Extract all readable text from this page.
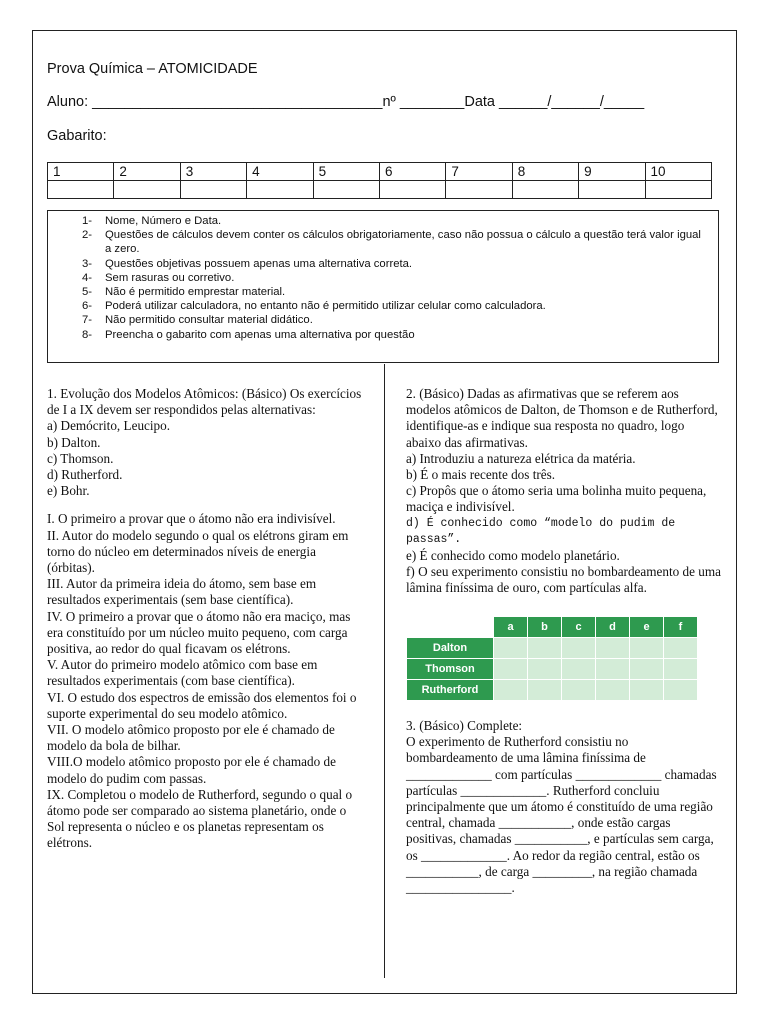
Prova Química – ATOMICIDADE
Aluno: ____________________________________nº ________Data ______/______/_____
Gabarito:
1	2	3	4	5	6	7	8	9	10

1- Nome, Número e Data.
2- Questões de cálculos devem conter os cálculos obrigatoriamente, caso não possua o cálculo a questão terá valor igual a zero.
3- Questões objetivas possuem apenas uma alternativa correta.
4- Sem rasuras ou corretivo.
5- Não é permitido emprestar material.
6- Poderá utilizar calculadora, no entanto não é permitido utilizar celular como calculadora.
7- Não permitido consultar material didático.
8- Preencha o gabarito com apenas uma alternativa por questão

1. Evolução dos Modelos Atômicos: (Básico) Os exercícios de I a IX devem ser respondidos pelas alternativas:

a) Demócrito, Leucipo.

b) Dalton.

c) Thomson.

d) Rutherford.

e) Bohr.

I. O primeiro a provar que o átomo não era indivisível.

II. Autor do modelo segundo o qual os elétrons giram em torno do núcleo em determinados níveis de energia (órbitas).

III. Autor da primeira ideia do átomo, sem base em resultados experimentais (sem base científica).

IV. O primeiro a provar que o átomo não era maciço, mas era constituído por um núcleo muito pequeno, com carga positiva, ao redor do qual ficavam os elétrons.

V. Autor do primeiro modelo atômico com base em resultados experimentais (com base científica).

VI. O estudo dos espectros de emissão dos elementos foi o suporte experimental do seu modelo atômico.

VII. O modelo atômico proposto por ele é chamado de modelo da bola de bilhar.

VIII.O modelo atômico proposto por ele é chamado de modelo do pudim com passas.

IX. Completou o modelo de Rutherford, segundo o qual o átomo pode ser comparado ao sistema planetário, onde o Sol representa o núcleo e os planetas representam os elétrons.

2. (Básico) Dadas as afirmativas que se referem aos modelos atômicos de Dalton, de Thomson e de Rutherford, identifique-as e indique sua resposta no quadro, logo abaixo das afirmativas.

a) Introduziu a natureza elétrica da matéria.

b) É o mais recente dos três.

c) Propôs que o átomo seria uma bolinha muito pequena, maciça e indivisível.

d) É conhecido como “modelo do pudim de passas”.

e) É conhecido como modelo planetário.

f) O seu experimento consistiu no bombardeamento de uma lâmina finíssima de ouro, com partículas alfa.

	a	b	c	d	e	f
Dalton						
Thomson						
Rutherford						

3. (Básico) Complete:

O experimento de Rutherford consistiu no bombardeamento de uma lâmina finíssima de _____________ com partículas _____________ chamadas partículas _____________. Rutherford concluiu principalmente que um átomo é constituído de uma região central, chamada ___________, onde estão cargas positivas, chamadas ___________, e partículas sem carga, os _____________. Ao redor da região central, estão os ___________, de carga _________, na região chamada ________________.
